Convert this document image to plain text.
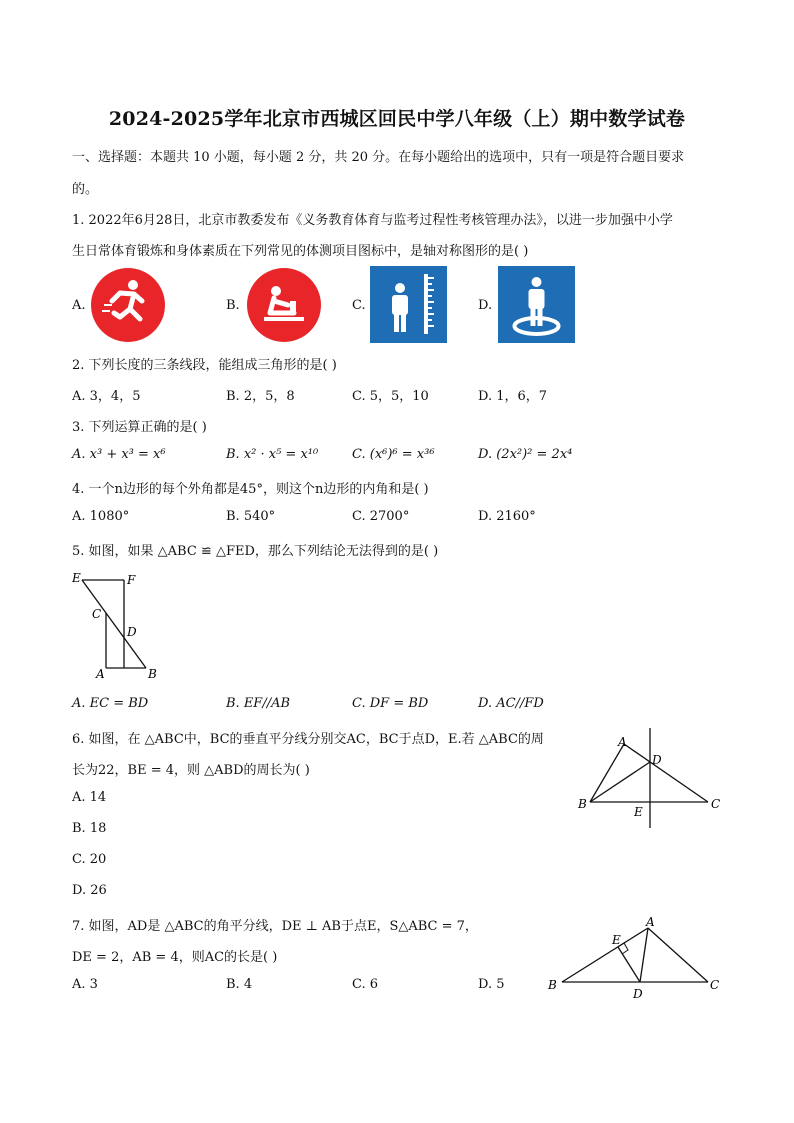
2024-2025学年北京市西城区回民中学八年级（上）期中数学试卷
一、选择题：本题共 10 小题，每小题 2 分，共 20 分。在每小题给出的选项中，只有一项是符合题目要求
的。
1. 2022年6月28日，北京市教委发布《义务教育体育与监考过程性考核管理办法》，以进一步加强中小学
生日常体育锻炼和身体素质在下列常见的体测项目图标中，是轴对称图形的是( )
A.	B.	C.	D.
2. 下列长度的三条线段，能组成三角形的是( )
A. 3，4，5	B. 2，5，8	C. 5，5，10	D. 1，6，7
3. 下列运算正确的是( )
A. x³ + x³ = x⁶	B. x² · x⁵ = x¹⁰	C. (x⁶)⁶ = x³⁶	D. (2x²)² = 2x⁴
4. 一个n边形的每个外角都是45°，则这个n边形的内角和是( )
A. 1080°	B. 540°	C. 2700°	D. 2160°
5. 如图，如果 △ABC ≌ △FED，那么下列结论无法得到的是( )
E	F
C
D
A	B
A. EC = BD	B. EF//AB	C. DF = BD	D. AC//FD
6. 如图，在 △ABC中，BC的垂直平分线分别交AC，BC于点D，E.若 △ABC的周
长为22，BE = 4，则 △ABD的周长为( )
A. 14
B. 18
C. 20
D. 26
A
D
B
E
C
7. 如图，AD是 △ABC的角平分线，DE ⊥ AB于点E，S△ABC = 7，
DE = 2，AB = 4，则AC的长是( )
A. 3	B. 4	C. 6	D. 5
E
A
B
D
C
